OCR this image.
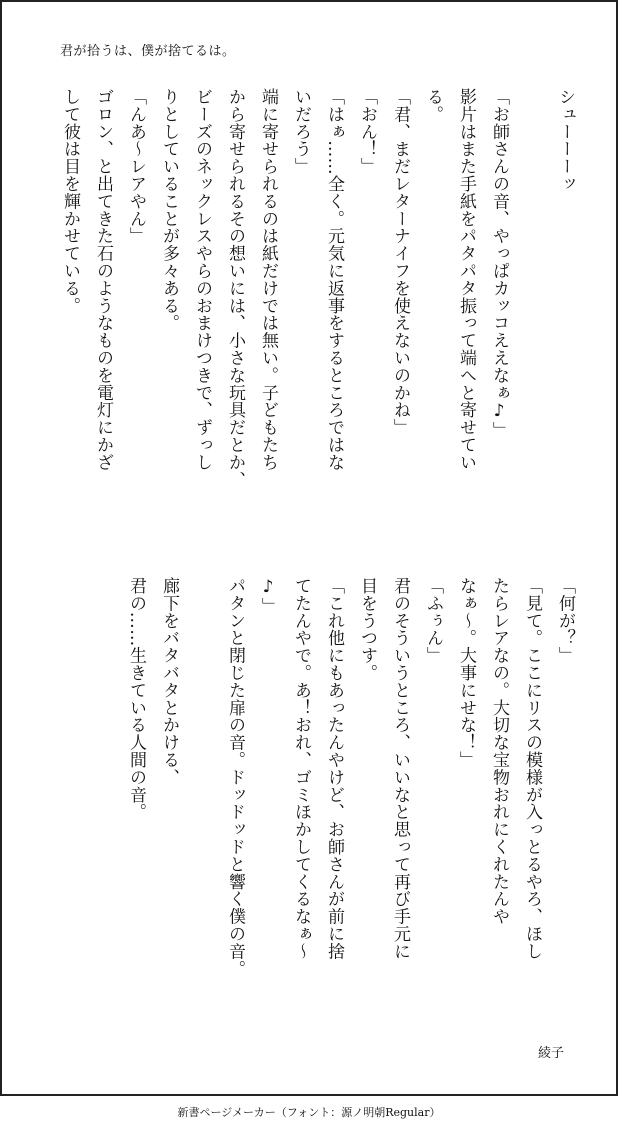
君が拾うは、僕が捨てるは。
シューーーッ

「お師さんの音、やっぱカッコええなぁ♪」
影片はまた手紙をパタパタ振って端へと寄せてい
る。
「君、まだレターナイフを使えないのかね」
「おん！」
「はぁ……全く。元気に返事をするところではな
いだろう」
端に寄せられるのは紙だけでは無い。子どもたち
から寄せられるその想いには、小さな玩具だとか、
ビーズのネックレスやらのおまけつきで、ずっし
りとしていることが多々ある。
「んあ～レアやん」
ゴロン、と出てきた石のようなものを電灯にかざ
して彼は目を輝かせている。
「何が？」
「見て。ここにリスの模様が入っとるやろ、ほし
たらレアなの。大切な宝物おれにくれたんや
なぁ～。大事にせな！」
「ふぅん」
君のそういうところ、いいなと思って再び手元に
目をうつす。
「これ他にもあったんやけど、お師さんが前に捨
てたんやで。あ！おれ、ゴミほかしてくるなぁ～
♪」
パタンと閉じた扉の音。ドッドッドと響く僕の音。

廊下をバタバタとかける、
君の……生きている人間の音。
綾子
新書ページメーカー（フォント：源ノ明朝Regular）
